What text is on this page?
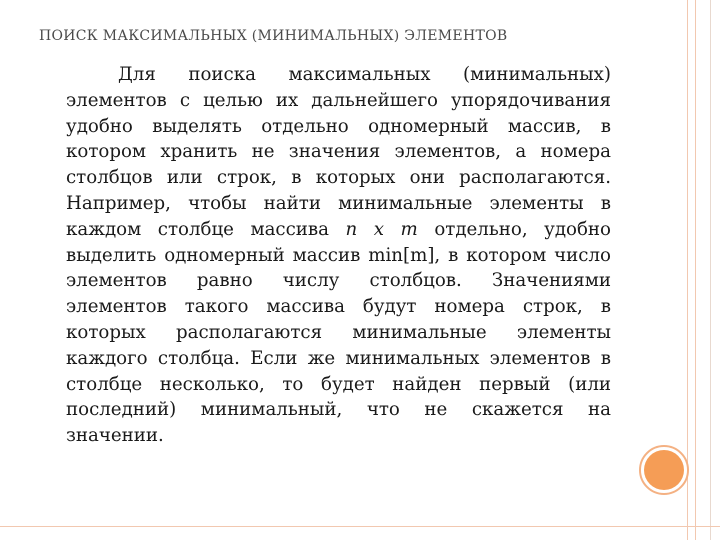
ПОИСК МАКСИМАЛЬНЫХ (МИНИМАЛЬНЫХ) ЭЛЕМЕНТОВ

Для поиска максимальных (минимальных) элементов с целью их дальнейшего упорядочивания удобно выделять отдельно одномерный массив, в котором хранить не значения элементов, а номера столбцов или строк, в которых они располагаются. Например, чтобы найти минимальные элементы в каждом столбце массива n x m отдельно, удобно выделить одномерный массив min[m], в котором число элементов равно числу столбцов. Значениями элементов такого массива будут номера строк, в которых располагаются минимальные элементы каждого столбца. Если же минимальных элементов в столбце несколько, то будет найден первый (или последний) минимальный, что не скажется на значении.
